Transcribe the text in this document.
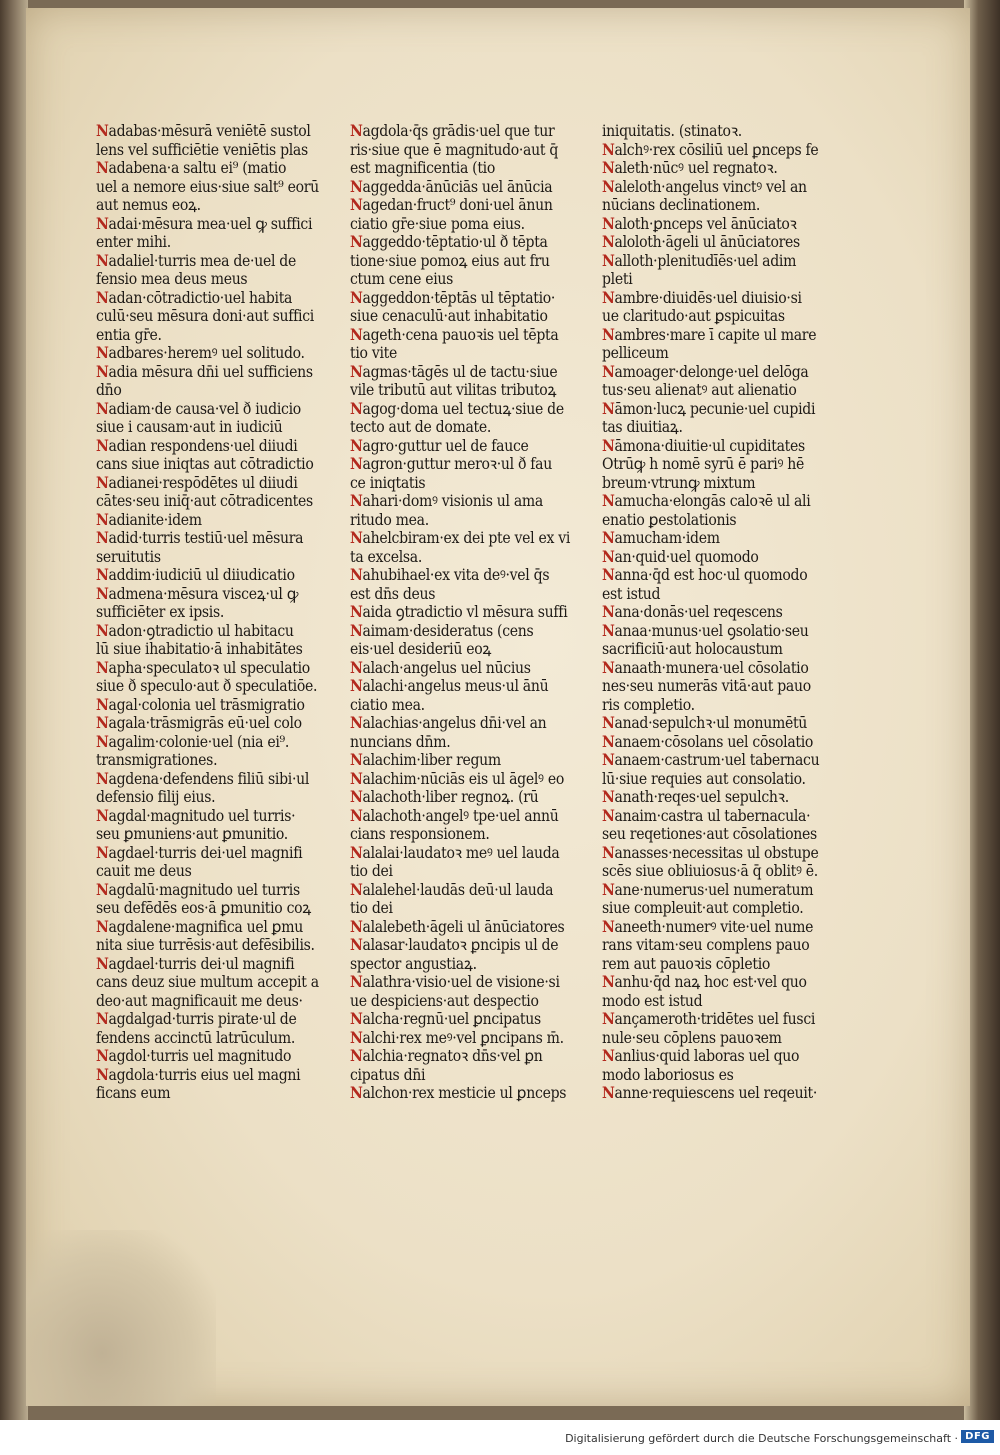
Nadabas·mēsurā veniētē sustol
lens vel sufficiētie veniētis plas
Nadabena·a saltu ei⁹ (matio
uel a nemore eius·siue salt⁹ eorū
aut nemus eoꝝ.
Nadai·mēsura mea·uel ꝙ suffici
enter mihi.
Nadaliel·turris mea de·uel de
fensio mea deus meus
Nadan·cōtradictio·uel habita
culū·seu mēsura doni·aut suffici
entia gr̄e.
Nadbares·heremꝰ uel solitudo.
Nadia mēsura dn̄i uel sufficiens
dn̄o
Nadiam·de causa·vel ð iudicio
siue i causam·aut in iudiciū
Nadian respondens·uel diiudi
cans siue iniqtas aut cōtradictio
Nadianei·respōdētes ul̄ diiudi
cātes·seu iniq̄·aut cōtradicentes
Nadianite·idem
Nadid·turris testiū·uel mēsura
seruitutis
Naddim·iudiciū ul̄ diiudicatio
Nadmena·mēsura visceꝝ·ul̄ ꝙ
sufficiēter ex ipsis.
Nadon·ꝯtradictio ul̄ habitacu
lū siue ihabitatio·ā inhabitātes
Napha·speculatoꝛ ul̄ speculatio
siue ð speculo·aut ð speculatiōe.
Nagal·colonia uel trāsmigratio
Nagala·trāsmigrās eū·uel colo
Nagalim·colonie·uel (nia ei⁹.
transmigrationes.
Nagdena·defendens filiū sibi·ul̄
defensio filij eius.
Nagdal·magnitudo uel turris·
seu ꝑmuniens·aut ꝑmunitio.
Nagdael·turris dei·uel magnifi
cauit me deus
Nagdalū·magnitudo uel turris
seu defēdēs eos·ā ꝑmunitio coꝝ
Nagdalene·magnifica uel ꝑmu
nita siue turrēsis·aut defēsibilis.
Nagdael·turris dei·ul̄ magnifi
cans deuz siue multum accepit a
deo·aut magnificauit me deus·
Nagdalgad·turris pirate·ul̄ de
fendens accinctū latrūculum.
Nagdol·turris uel magnitudo
Nagdola·turris eius uel magni
ficans eum
Nagdola·q̄s grādis·uel que tur
ris·siue que ē magnitudo·aut q̄
est magnificentia (tio
Naggedda·ānūciās uel ānūcia
Nagedan·fruct⁹ doni·uel ānun
ciatio gr̄e·siue poma eius.
Naggeddo·tēptatio·ul̄ ð tēpta
tione·siue pomoꝝ eius aut fru
ctum cene eius
Naggeddon·tēptās ul̄ tēptatio·
siue cenaculū·aut inhabitatio
Nageth·cena pauoꝛis uel tēpta
tio vite
Nagmas·tāgēs ul̄ de tactu·siue
vile tributū aut vilitas tributoꝝ
Nagog·doma uel tectuꝝ·siue de
tecto aut de domate.
Nagro·guttur uel de fauce
Nagron·guttur meroꝛ·ul̄ ð fau
ce iniqtatis
Nahari·domꝰ visionis ul̄ ama
ritudo mea.
Nahelcbiram·ex dei pte vel ex vi
ta excelsa.
Nahubihael·ex vita deꝰ·vel q̄s
est dn̄s deus
Naida ꝯtradictio vl̄ mēsura suffi
Naimam·desideratus (cens
eis·uel desideriū eoꝝ
Nalach·angelus uel nūcius
Nalachi·angelus meus·ul̄ ānū
ciatio mea.
Nalachias·angelus dn̄i·vel an
nuncians dn̄m.
Nalachim·liber regum
Nalachim·nūciās eis ul̄ āgelꝰ eo
Nalachoth·liber regnoꝝ. (rū
Nalachoth·angelꝰ tpe·uel annū
cians responsionem.
Nalalai·laudatoꝛ meꝰ uel lauda
tio dei
Nalalehel·laudās deū·ul̄ lauda
tio dei
Nalalebeth·āgeli ul̄ ānūciatores
Nalasar·laudatoꝛ ꝑncipis ul̄ de
spector angustiaꝝ.
Nalathra·visio·uel de visione·si
ue despiciens·aut despectio
Nalcha·regnū·uel ꝑncipatus
Nalchi·rex meꝰ·vel ꝑncipans m̄.
Nalchia·regnatoꝛ dn̄s·vel ꝑn
cipatus dn̄i
Nalchon·rex mesticie ul̄ ꝑnceps
iniquitatis. (stinatoꝛ.
Nalchꝰ·rex cōsiliū uel ꝑnceps fe
Naleth·nūcꝰ uel regnatoꝛ.
Naleloth·angelus vinctꝰ vel an
nūcians declinationem.
Naloth·ꝑnceps vel ānūciatoꝛ
Naloloth·āgeli ul̄ ānūciatores
Nalloth·plenitudīēs·uel adim
pleti
Nambre·diuidēs·uel diuisio·si
ue claritudo·aut ꝑspicuitas
Nambres·mare ī capite ul̄ mare
pelliceum
Namoager·delonge·uel delōga
tus·seu alienatꝰ aut alienatio
Nāmon·lucꝝ pecunie·uel cupidi
tas diuitiaꝝ.
Nāmona·diuitie·ul̄ cupiditates
Otrūꝙ h̄ nomē syrū ē pariꝰ hē
breum·vtrunꝙ mixtum
Namucha·elongās caloꝛē ul̄ ali
enatio ꝑestolationis
Namucham·idem
Nan·quid·uel quomodo
Nanna·q̄d est hoc·ul̄ quomodo
est istud
Nana·donās·uel reqescens
Nanaa·munus·uel ꝯsolatio·seu
sacrificiū·aut holocaustum
Nanaath·munera·uel cōsolatio
nes·seu numerās vitā·aut pauo
ris completio.
Nanad·sepulchꝛ·ul̄ monumētū
Nanaem·cōsolans uel cōsolatio
Nanaem·castrum·uel tabernacu
lū·siue requies aut consolatio.
Nanath·reqes·uel sepulchꝛ.
Nanaim·castra ul̄ tabernacula·
seu reqetiones·aut cōsolationes
Nanasses·necessitas ul̄ obstupe
scēs siue obliuiosus·ā q̄ oblitꝰ ē.
Nane·numerus·uel numeratum
siue compleuit·aut completio.
Naneeth·numerꝰ vite·uel nume
rans vitam·seu complens pauo
rem aut pauoꝛis cōpletio
Nanhu·q̄d naꝝ hoc est·vel quo
modo est istud
Nançameroth·tridētes uel fusci
nule·seu cōplens pauoꝛem
Nanlius·quid laboras uel quo
modo laboriosus es
Nanne·requiescens uel reqeuit·
Digitalisierung gefördert durch die Deutsche Forschungsgemeinschaft · DFG
